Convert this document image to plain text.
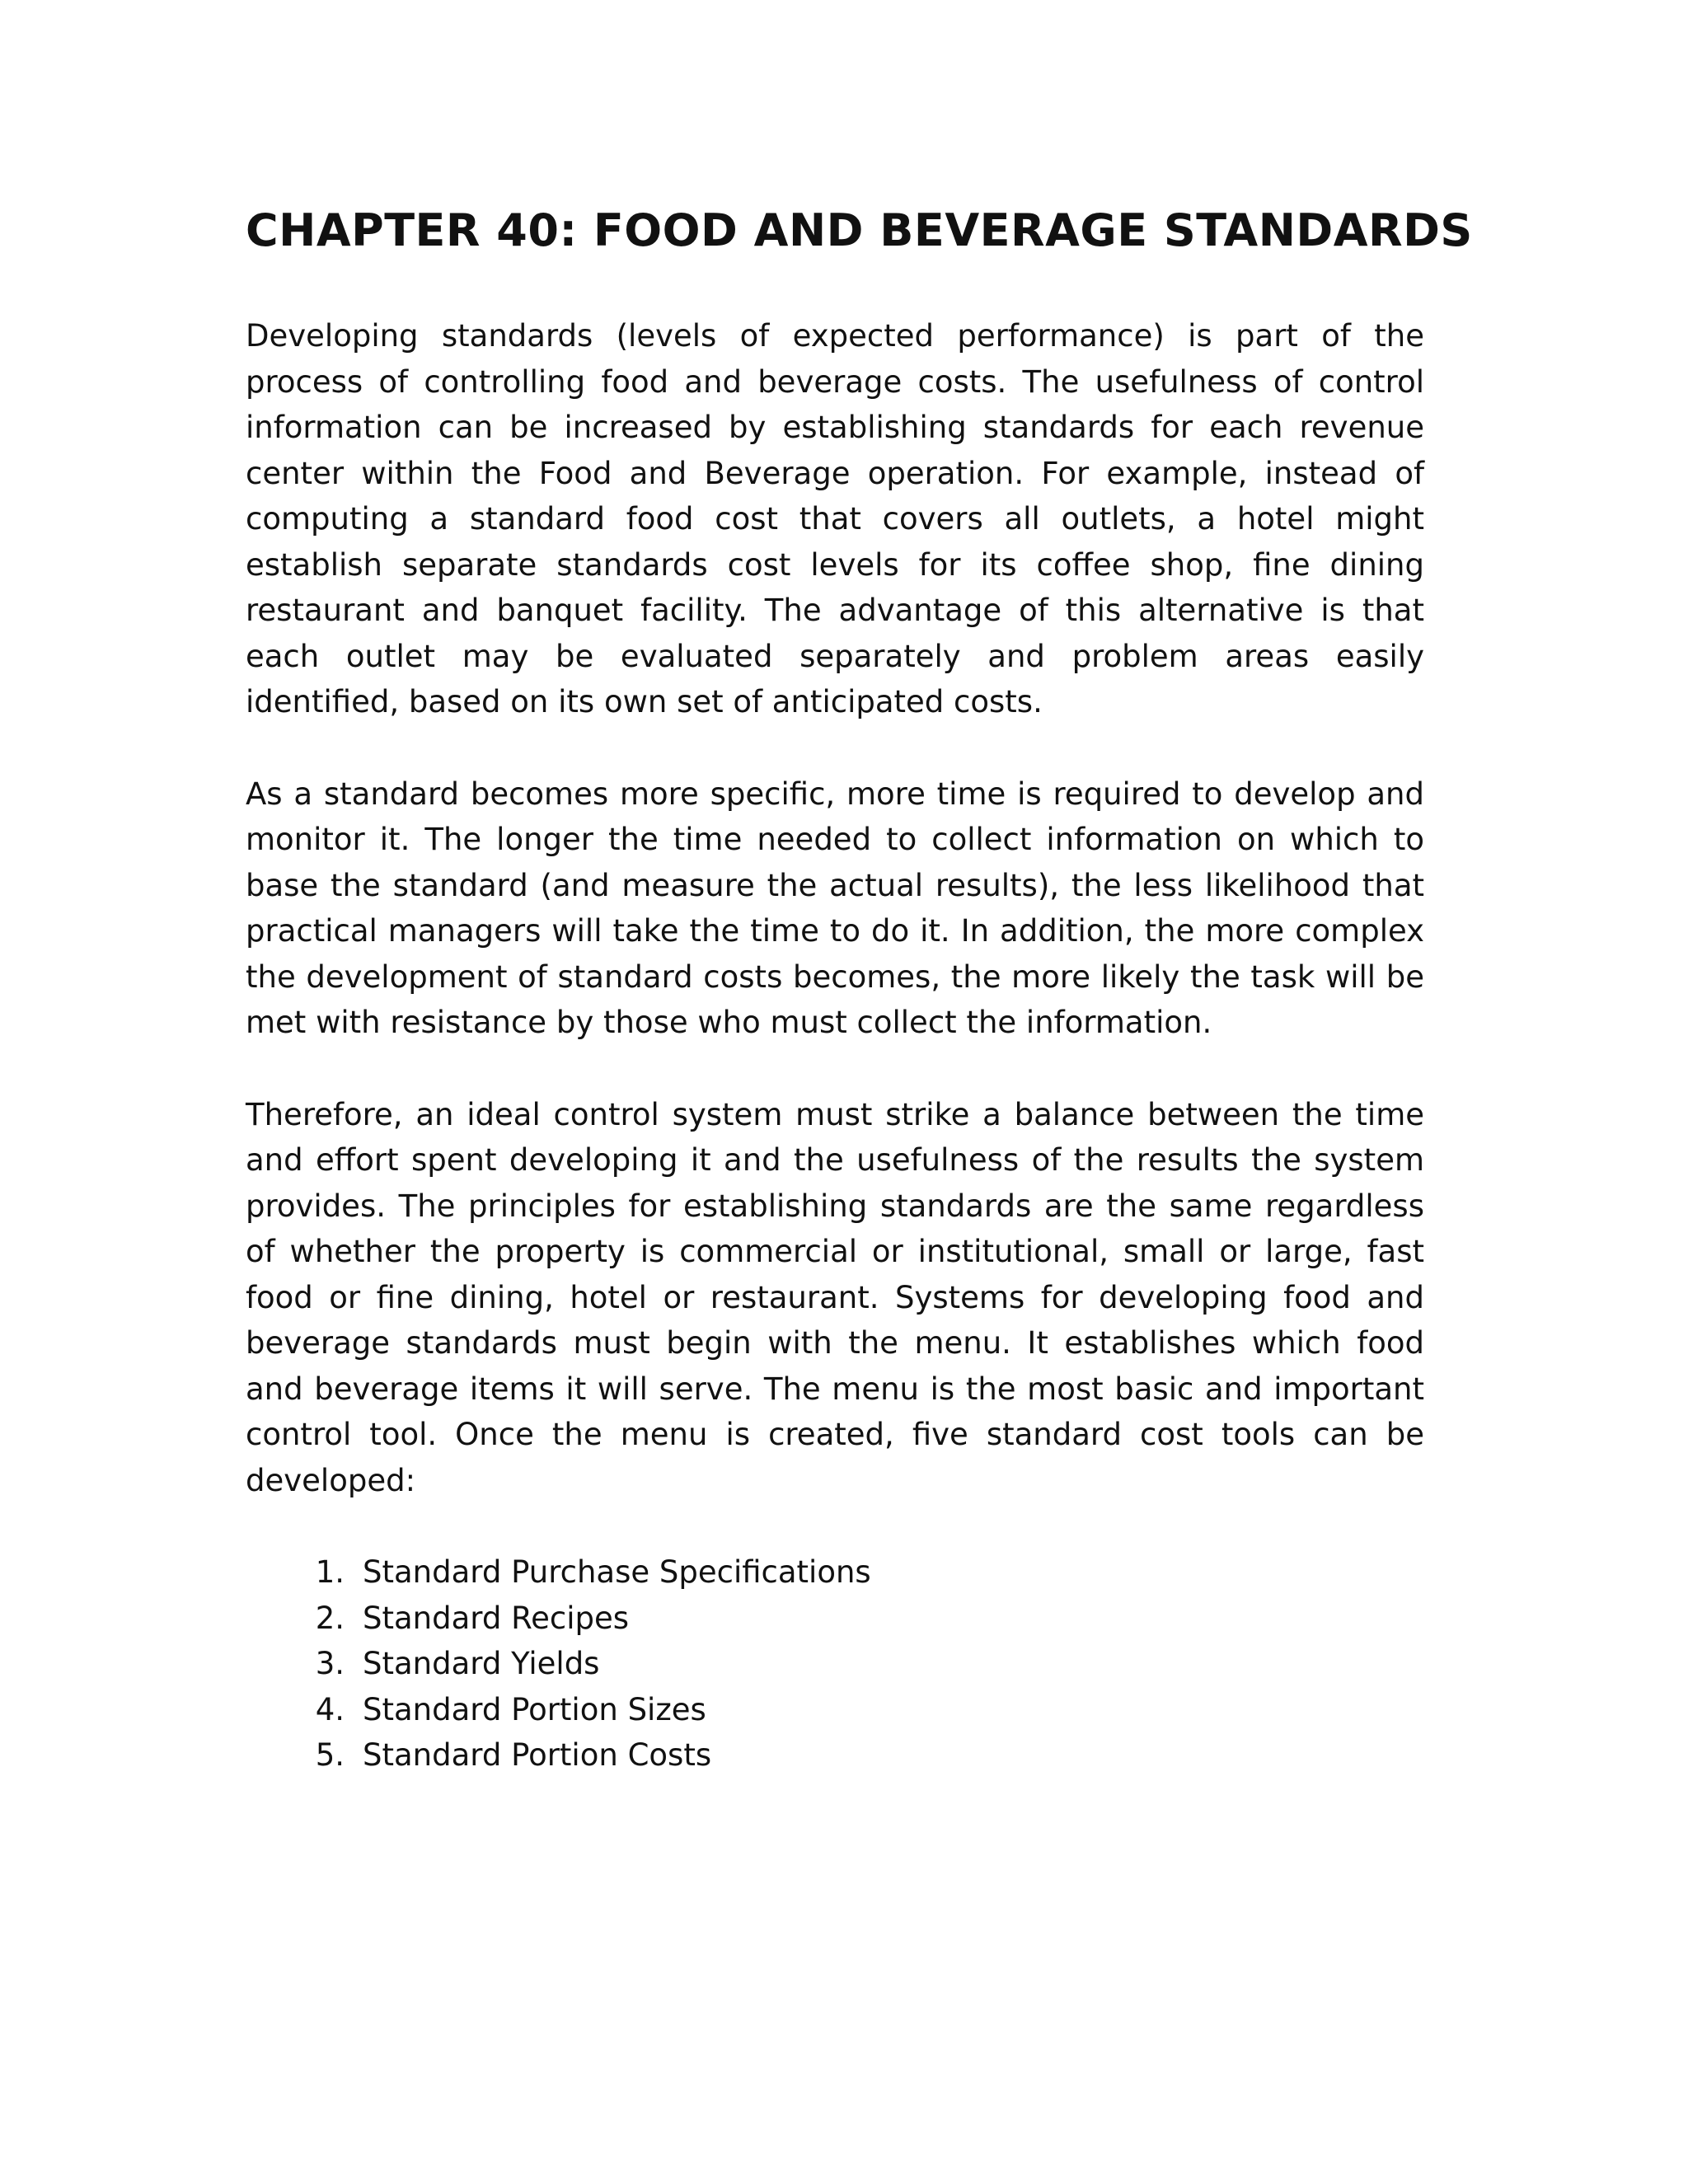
CHAPTER 40: FOOD AND BEVERAGE STANDARDS

Developing standards (levels of expected performance) is part of the process of controlling food and beverage costs. The usefulness of control information can be increased by establishing standards for each revenue center within the Food and Beverage operation. For example, instead of computing a standard food cost that covers all outlets, a hotel might establish separate standards cost levels for its coffee shop, fine dining restaurant and banquet facility. The advantage of this alternative is that each outlet may be evaluated separately and problem areas easily identified, based on its own set of anticipated costs.

As a standard becomes more specific, more time is required to develop and monitor it. The longer the time needed to collect information on which to base the standard (and measure the actual results), the less likelihood that practical managers will take the time to do it. In addition, the more complex the development of standard costs becomes, the more likely the task will be met with resistance by those who must collect the information.

Therefore, an ideal control system must strike a balance between the time and effort spent developing it and the usefulness of the results the system provides. The principles for establishing standards are the same regardless of whether the property is commercial or institutional, small or large, fast food or fine dining, hotel or restaurant. Systems for developing food and beverage standards must begin with the menu. It establishes which food and beverage items it will serve. The menu is the most basic and important control tool. Once the menu is created, five standard cost tools can be developed:

1. Standard Purchase Specifications
2. Standard Recipes
3. Standard Yields
4. Standard Portion Sizes
5. Standard Portion Costs
